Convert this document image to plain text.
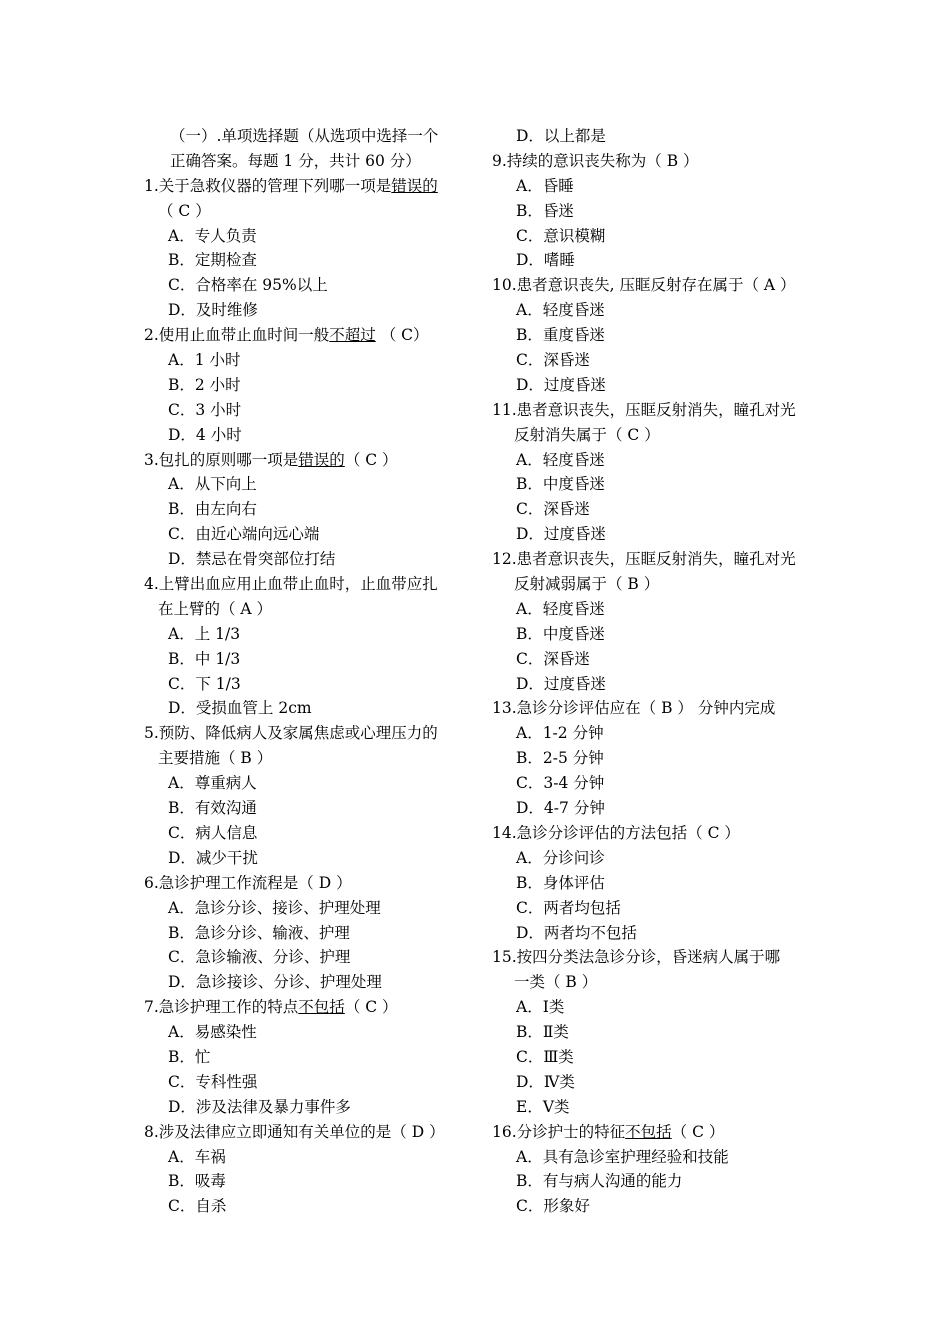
（一）.单项选择题（从选项中选择一个
正确答案。每题 1 分，共计 60 分）
1.关于急救仪器的管理下列哪一项是错误的
（ C ）
A．专人负责
B．定期检查
C．合格率在 95%以上
D．及时维修
2.使用止血带止血时间一般不超过 （ C）
A．1 小时
B．2 小时
C．3 小时
D．4 小时
3.包扎的原则哪一项是错误的（ C ）
A．从下向上
B．由左向右
C．由近心端向远心端
D．禁忌在骨突部位打结
4.上臂出血应用止血带止血时，止血带应扎
在上臂的（ A ）
A．上 1/3
B．中 1/3
C．下 1/3
D．受损血管上 2cm
5.预防、降低病人及家属焦虑或心理压力的
主要措施（ B ）
A．尊重病人
B．有效沟通
C．病人信息
D．减少干扰
6.急诊护理工作流程是（ D ）
A．急诊分诊、接诊、护理处理
B．急诊分诊、输液、护理
C．急诊输液、分诊、护理
D．急诊接诊、分诊、护理处理
7.急诊护理工作的特点不包括（ C ）
A．易感染性
B．忙
C．专科性强
D．涉及法律及暴力事件多
8.涉及法律应立即通知有关单位的是（ D ）
A．车祸
B．吸毒
C．自杀
D．以上都是
9.持续的意识丧失称为（ B ）
A．昏睡
B．昏迷
C．意识模糊
D．嗜睡
10.患者意识丧失, 压眶反射存在属于（ A ）
A．轻度昏迷
B．重度昏迷
C．深昏迷
D．过度昏迷
11.患者意识丧失，压眶反射消失，瞳孔对光
反射消失属于（ C ）
A．轻度昏迷
B．中度昏迷
C．深昏迷
D．过度昏迷
12.患者意识丧失，压眶反射消失，瞳孔对光
反射减弱属于（ B ）
A．轻度昏迷
B．中度昏迷
C．深昏迷
D．过度昏迷
13.急诊分诊评估应在（ B ） 分钟内完成
A．1-2 分钟
B．2-5 分钟
C．3-4 分钟
D．4-7 分钟
14.急诊分诊评估的方法包括（ C ）
A．分诊问诊
B．身体评估
C．两者均包括
D．两者均不包括
15.按四分类法急诊分诊，昏迷病人属于哪
一类（ B ）
A．Ⅰ类
B．Ⅱ类
C．Ⅲ类
D．Ⅳ类
E．Ⅴ类
16.分诊护士的特征不包括（ C ）
A．具有急诊室护理经验和技能
B．有与病人沟通的能力
C．形象好
